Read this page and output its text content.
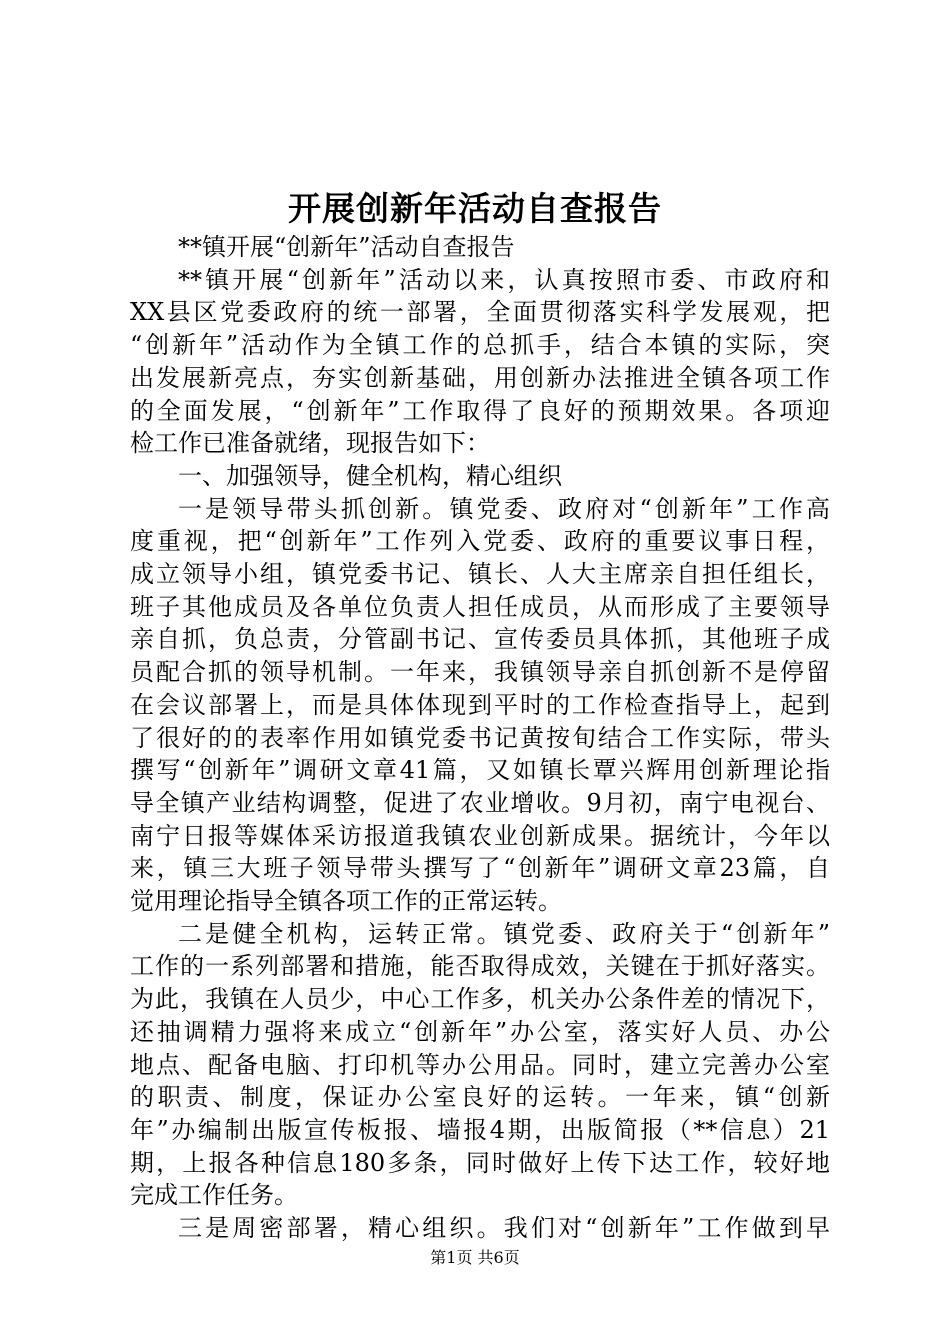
开展创新年活动自查报告
**镇开展“创新年”活动自查报告
**镇开展“创新年”活动以来，认真按照市委、市政府和
XX县区党委政府的统一部署，全面贯彻落实科学发展观，把
“创新年”活动作为全镇工作的总抓手，结合本镇的实际，突
出发展新亮点，夯实创新基础，用创新办法推进全镇各项工作
的全面发展，“创新年”工作取得了良好的预期效果。各项迎
检工作已准备就绪，现报告如下：
一、加强领导，健全机构，精心组织
一是领导带头抓创新。镇党委、政府对“创新年”工作高
度重视，把“创新年”工作列入党委、政府的重要议事日程，
成立领导小组，镇党委书记、镇长、人大主席亲自担任组长，
班子其他成员及各单位负责人担任成员，从而形成了主要领导
亲自抓，负总责，分管副书记、宣传委员具体抓，其他班子成
员配合抓的领导机制。一年来，我镇领导亲自抓创新不是停留
在会议部署上，而是具体体现到平时的工作检查指导上，起到
了很好的的表率作用如镇党委书记黄按旬结合工作实际，带头
撰写“创新年”调研文章41篇，又如镇长覃兴辉用创新理论指
导全镇产业结构调整，促进了农业增收。9月初，南宁电视台、
南宁日报等媒体采访报道我镇农业创新成果。据统计，今年以
来，镇三大班子领导带头撰写了“创新年”调研文章23篇，自
觉用理论指导全镇各项工作的正常运转。
二是健全机构，运转正常。镇党委、政府关于“创新年”
工作的一系列部署和措施，能否取得成效，关键在于抓好落实。
为此，我镇在人员少，中心工作多，机关办公条件差的情况下，
还抽调精力强将来成立“创新年”办公室，落实好人员、办公
地点、配备电脑、打印机等办公用品。同时，建立完善办公室
的职责、制度，保证办公室良好的运转。一年来，镇“创新
年”办编制出版宣传板报、墙报4期，出版简报（**信息）21
期，上报各种信息180多条，同时做好上传下达工作，较好地
完成工作任务。
三是周密部署，精心组织。我们对“创新年”工作做到早
第1页 共6页
